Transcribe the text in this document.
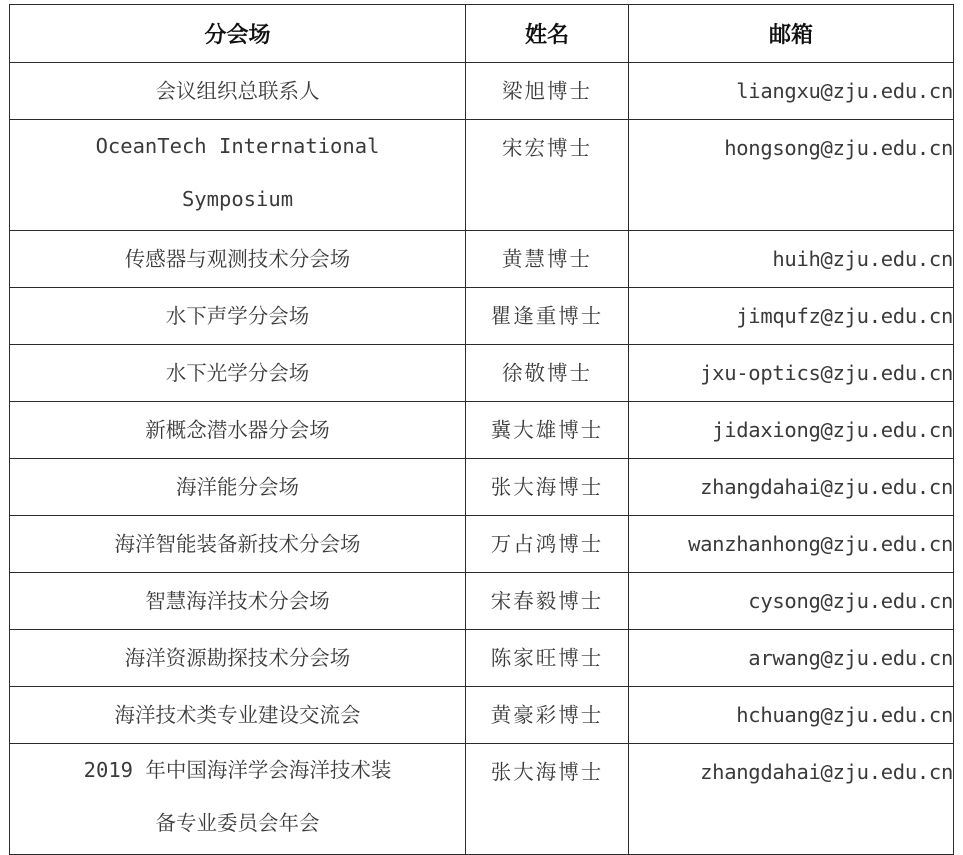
分会场	姓名	邮箱
会议组织总联系人	梁旭博士	liangxu@zju.edu.cn
OceanTech International
Symposium	宋宏博士	hongsong@zju.edu.cn
传感器与观测技术分会场	黄慧博士	huih@zju.edu.cn
水下声学分会场	瞿逢重博士	jimqufz@zju.edu.cn
水下光学分会场	徐敬博士	jxu-optics@zju.edu.cn
新概念潜水器分会场	冀大雄博士	jidaxiong@zju.edu.cn
海洋能分会场	张大海博士	zhangdahai@zju.edu.cn
海洋智能装备新技术分会场	万占鸿博士	wanzhanhong@zju.edu.cn
智慧海洋技术分会场	宋春毅博士	cysong@zju.edu.cn
海洋资源勘探技术分会场	陈家旺博士	arwang@zju.edu.cn
海洋技术类专业建设交流会	黄豪彩博士	hchuang@zju.edu.cn
2019 年中国海洋学会海洋技术装
备专业委员会年会	张大海博士	zhangdahai@zju.edu.cn
